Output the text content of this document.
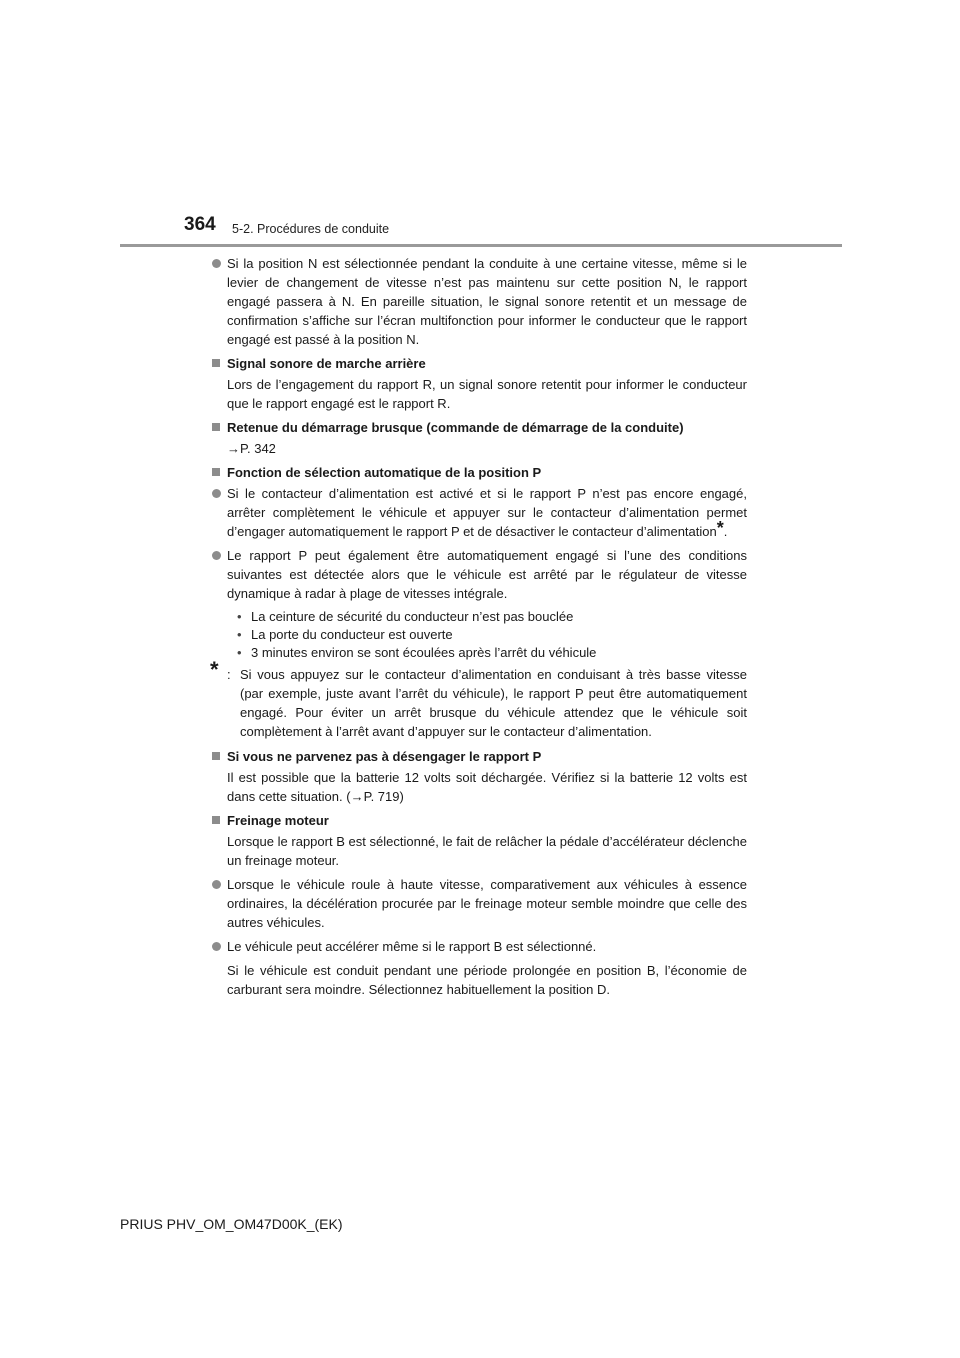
364 5-2. Procédures de conduite
Si la position N est sélectionnée pendant la conduite à une certaine vitesse, même si le levier de changement de vitesse n’est pas maintenu sur cette position N, le rapport engagé passera à N. En pareille situation, le signal sonore retentit et un message de confirmation s’affiche sur l’écran multifonction pour informer le conducteur que le rapport engagé est passé à la position N.
Signal sonore de marche arrière
Lors de l’engagement du rapport R, un signal sonore retentit pour informer le conducteur que le rapport engagé est le rapport R.
Retenue du démarrage brusque (commande de démarrage de la conduite)
→P. 342
Fonction de sélection automatique de la position P
Si le contacteur d’alimentation est activé et si le rapport P n’est pas encore engagé, arrêter complètement le véhicule et appuyer sur le contacteur d’alimentation permet d’engager automatiquement le rapport P et de désactiver le contacteur d’alimentation*.
Le rapport P peut également être automatiquement engagé si l’une des conditions suivantes est détectée alors que le véhicule est arrêté par le régulateur de vitesse dynamique à radar à plage de vitesses intégrale.
• La ceinture de sécurité du conducteur n’est pas bouclée
• La porte du conducteur est ouverte
• 3 minutes environ se sont écoulées après l’arrêt du véhicule
* : Si vous appuyez sur le contacteur d’alimentation en conduisant à très basse vitesse (par exemple, juste avant l’arrêt du véhicule), le rapport P peut être automatiquement engagé. Pour éviter un arrêt brusque du véhicule attendez que le véhicule soit complètement à l’arrêt avant d’appuyer sur le contacteur d’alimentation.
Si vous ne parvenez pas à désengager le rapport P
Il est possible que la batterie 12 volts soit déchargée. Vérifiez si la batterie 12 volts est dans cette situation. (→P. 719)
Freinage moteur
Lorsque le rapport B est sélectionné, le fait de relâcher la pédale d’accélérateur déclenche un freinage moteur.
Lorsque le véhicule roule à haute vitesse, comparativement aux véhicules à essence ordinaires, la décélération procurée par le freinage moteur semble moindre que celle des autres véhicules.
Le véhicule peut accélérer même si le rapport B est sélectionné.
Si le véhicule est conduit pendant une période prolongée en position B, l’économie de carburant sera moindre. Sélectionnez habituellement la position D.
PRIUS PHV_OM_OM47D00K_(EK)
